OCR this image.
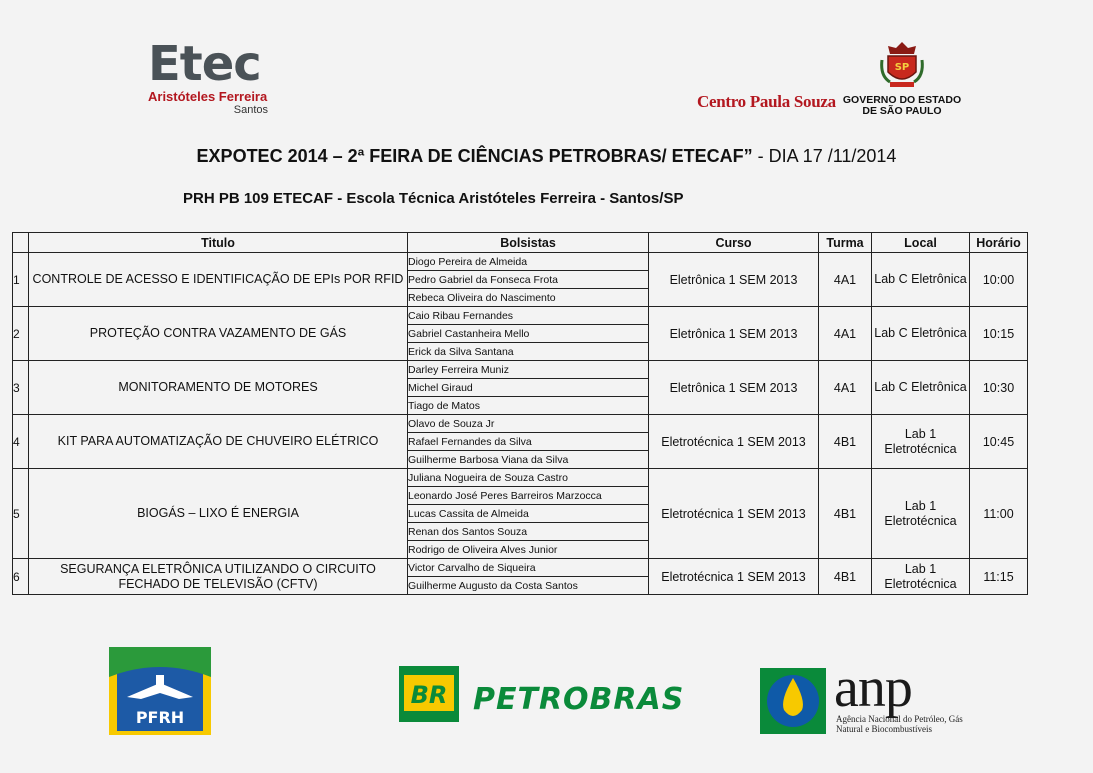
Etec
Aristóteles Ferreira
Santos	Centro Paula Souza
SP
GOVERNO DO ESTADO
DE SÃO PAULO
EXPOTEC 2014 – 2ª FEIRA DE CIÊNCIAS PETROBRAS/ ETECAF” - DIA 17 /11/2014
PRH PB 109 ETECAF - Escola Técnica Aristóteles Ferreira - Santos/SP
	Titulo	Bolsistas	Curso	Turma	Local	Horário
1	CONTROLE DE ACESSO E IDENTIFICAÇÃO DE EPIs POR RFID	Diogo Pereira de Almeida	Eletrônica 1 SEM 2013	4A1	Lab C Eletrônica	10:00
		Pedro Gabriel da Fonseca Frota				
		Rebeca Oliveira do Nascimento				
2	PROTEÇÃO CONTRA VAZAMENTO DE GÁS	Caio Ribau Fernandes	Eletrônica 1 SEM 2013	4A1	Lab C Eletrônica	10:15
		Gabriel Castanheira Mello				
		Erick da Silva Santana				
3	MONITORAMENTO DE MOTORES	Darley Ferreira Muniz	Eletrônica 1 SEM 2013	4A1	Lab C Eletrônica	10:30
		Michel Giraud				
		Tiago de Matos				
4	KIT PARA AUTOMATIZAÇÃO DE CHUVEIRO ELÉTRICO	Olavo de Souza Jr	Eletrotécnica 1 SEM 2013	4B1	Lab 1 Eletrotécnica	10:45
		Rafael Fernandes da Silva				
		Guilherme Barbosa Viana da Silva				
5	BIOGÁS – LIXO É ENERGIA	Juliana Nogueira de Souza Castro	Eletrotécnica 1 SEM 2013	4B1	Lab 1 Eletrotécnica	11:00
		Leonardo José Peres Barreiros Marzocca				
		Lucas Cassita de Almeida				
		Renan dos Santos Souza				
		Rodrigo de Oliveira Alves Junior				
6	SEGURANÇA ELETRÔNICA UTILIZANDO O CIRCUITO FECHADO DE TELEVISÃO (CFTV)	Victor Carvalho de Siqueira	Eletrotécnica 1 SEM 2013	4B1	Lab 1 Eletrotécnica	11:15
		Guilherme Augusto da Costa Santos				
PFRH
BR PETROBRAS	anp
Agência Nacional do Petróleo, Gás Natural e Biocombustíveis
